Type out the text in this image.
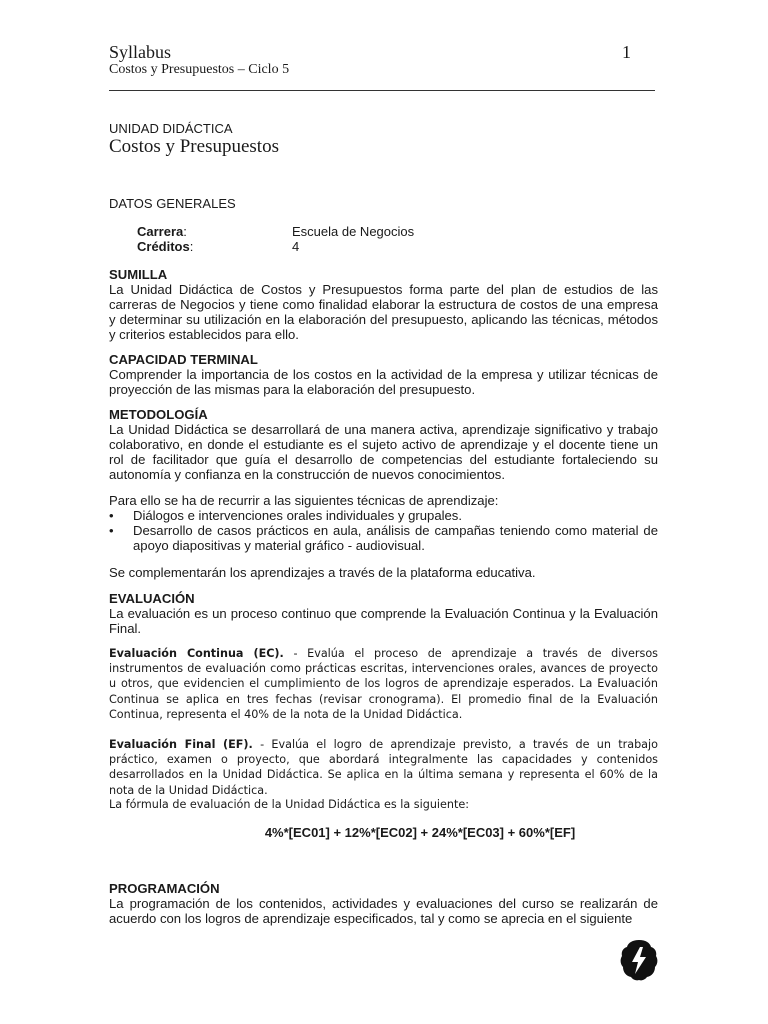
Syllabus	1
Costos y Presupuestos – Ciclo 5
UNIDAD DIDÁCTICA
Costos y Presupuestos
DATOS GENERALES
Carrera:	Escuela de Negocios
Créditos:	4
SUMILLA
La Unidad Didáctica de Costos y Presupuestos forma parte del plan de estudios de las carreras de Negocios y tiene como finalidad elaborar la estructura de costos de una empresa y determinar su utilización en la elaboración del presupuesto, aplicando las técnicas, métodos y criterios establecidos para ello.
CAPACIDAD TERMINAL
Comprender la importancia de los costos en la actividad de la empresa y utilizar técnicas de proyección de las mismas para la elaboración del presupuesto.
METODOLOGÍA
La Unidad Didáctica se desarrollará de una manera activa, aprendizaje significativo y trabajo colaborativo, en donde el estudiante es el sujeto activo de aprendizaje y el docente tiene un rol de facilitador que guía el desarrollo de competencias del estudiante fortaleciendo su autonomía y confianza en la construcción de nuevos conocimientos.
Para ello se ha de recurrir a las siguientes técnicas de aprendizaje:
• Diálogos e intervenciones orales individuales y grupales.
• Desarrollo de casos prácticos en aula, análisis de campañas teniendo como material de apoyo diapositivas y material gráfico - audiovisual.
Se complementarán los aprendizajes a través de la plataforma educativa.
EVALUACIÓN
La evaluación es un proceso continuo que comprende la Evaluación Continua y la Evaluación Final.
Evaluación Continua (EC). - Evalúa el proceso de aprendizaje a través de diversos instrumentos de evaluación como prácticas escritas, intervenciones orales, avances de proyecto u otros, que evidencien el cumplimiento de los logros de aprendizaje esperados. La Evaluación Continua se aplica en tres fechas (revisar cronograma). El promedio final de la Evaluación Continua, representa el 40% de la nota de la Unidad Didáctica.
Evaluación Final (EF). - Evalúa el logro de aprendizaje previsto, a través de un trabajo práctico, examen o proyecto, que abordará integralmente las capacidades y contenidos desarrollados en la Unidad Didáctica. Se aplica en la última semana y representa el 60% de la nota de la Unidad Didáctica.
La fórmula de evaluación de la Unidad Didáctica es la siguiente:
4%*[EC01] + 12%*[EC02] + 24%*[EC03] + 60%*[EF]
PROGRAMACIÓN
La programación de los contenidos, actividades y evaluaciones del curso se realizarán de acuerdo con los logros de aprendizaje especificados, tal y como se aprecia en el siguiente
